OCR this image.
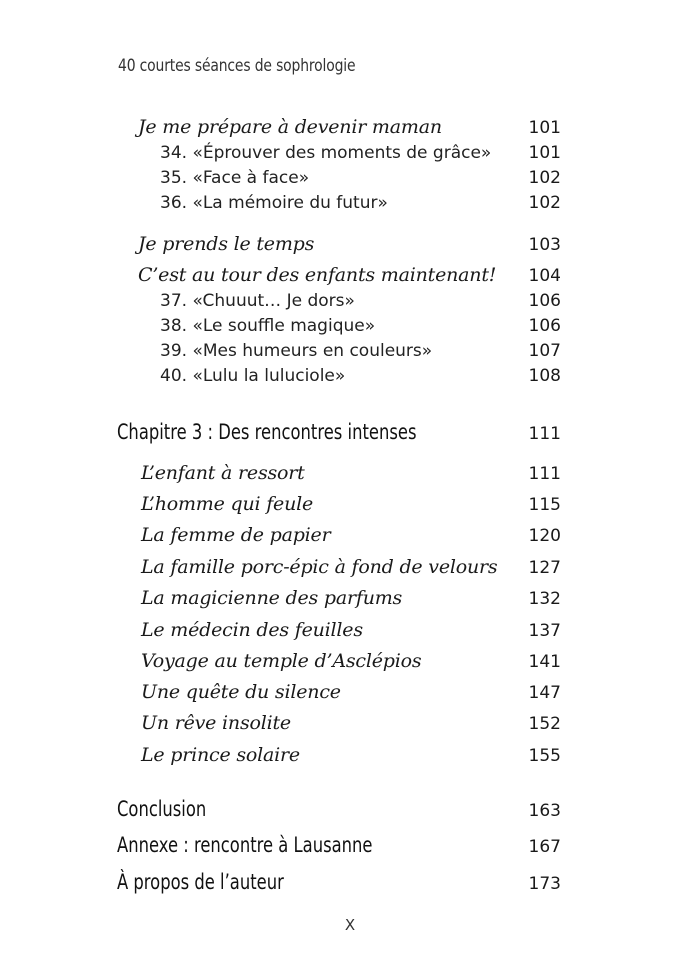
40 courtes séances de sophrologie
Je me prépare à devenir maman	101
34. «Éprouver des moments de grâce» 101
35. «Face à face»	102
36. «La mémoire du futur»	102
Je prends le temps	103
C’est au tour des enfants maintenant! 104
37. «Chuuut… Je dors»	106
38. «Le souffle magique»	106
39. «Mes humeurs en couleurs»	107
40. «Lulu la luluciole»	108
Chapitre 3 : Des rencontres intenses	111
L’enfant à ressort	111
L’homme qui feule	115
La femme de papier	120
La famille porc-épic à fond de velours 127
La magicienne des parfums	132
Le médecin des feuilles	137
Voyage au temple d’Asclépios	141
Une quête du silence	147
Un rêve insolite	152
Le prince solaire	155
Conclusion	163
Annexe : rencontre à Lausanne	167
À propos de l’auteur	173
X
